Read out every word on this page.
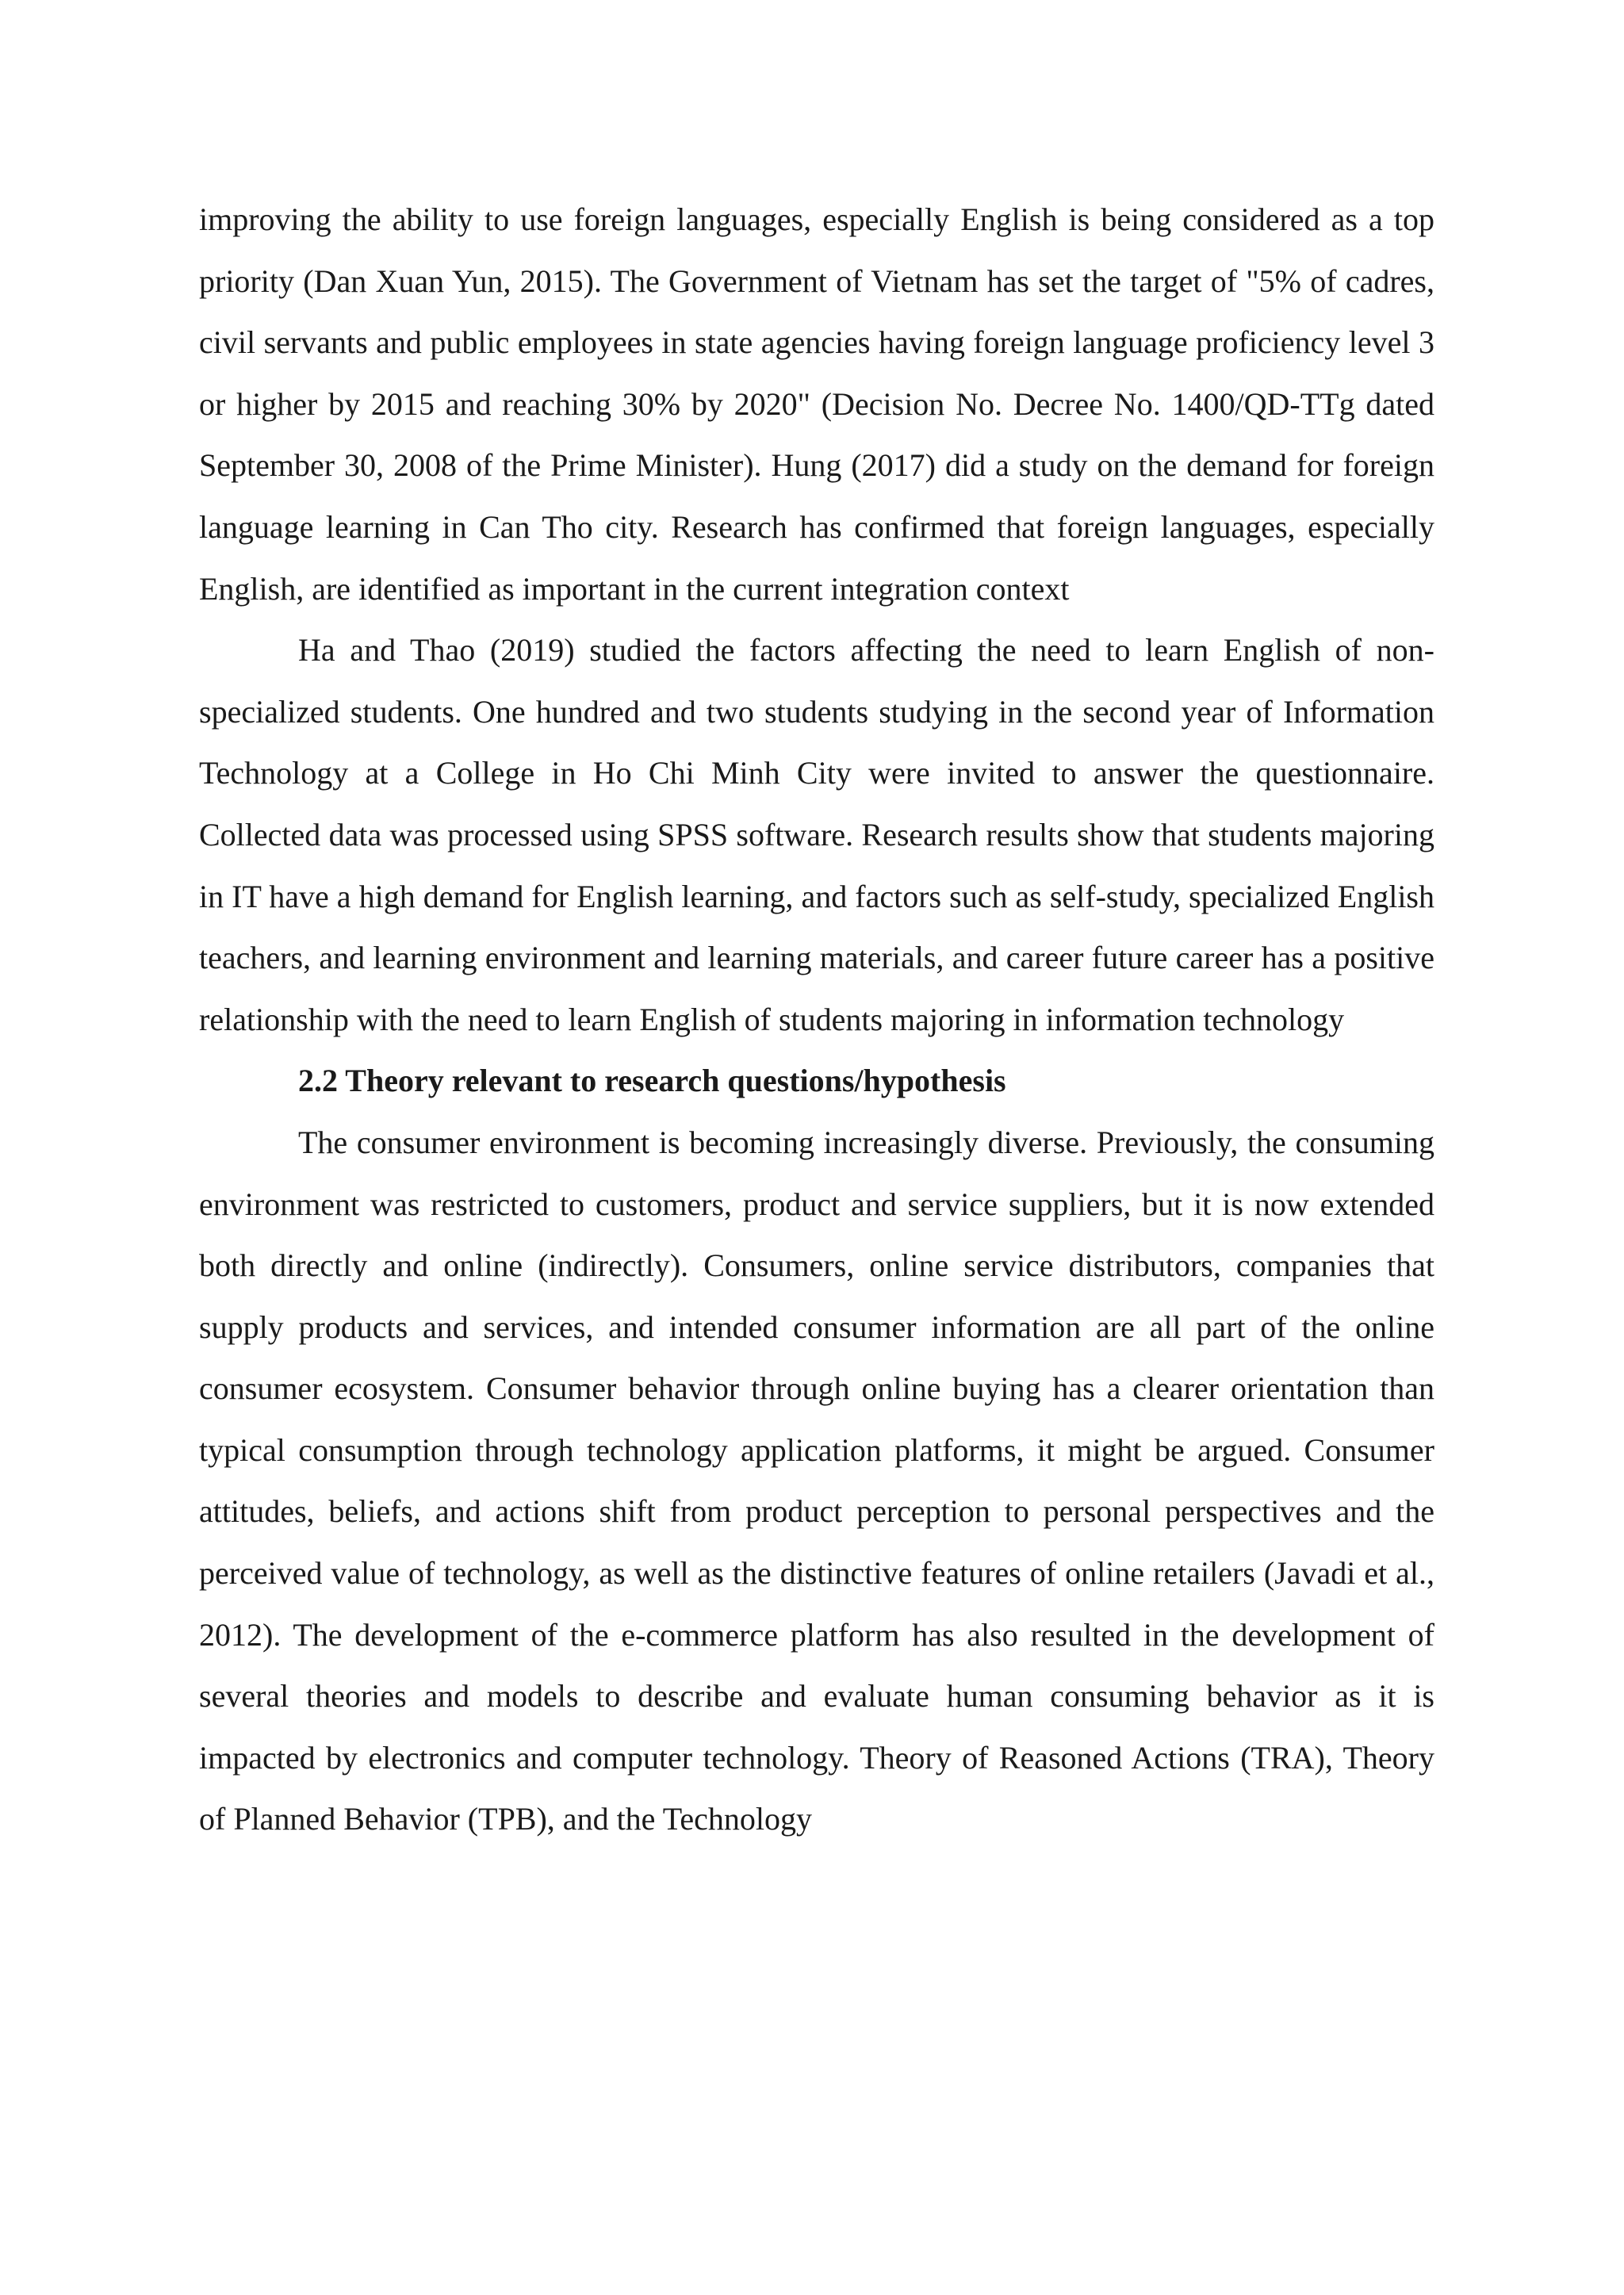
improving the ability to use foreign languages, especially English is being considered as a top priority (Dan Xuan Yun, 2015). The Government of Vietnam has set the target of "5% of cadres, civil servants and public employees in state agencies having foreign language proficiency level 3 or higher by 2015 and reaching 30% by 2020" (Decision No. Decree No. 1400/QD-TTg dated September 30, 2008 of the Prime Minister). Hung (2017) did a study on the demand for foreign language learning in Can Tho city. Research has confirmed that foreign languages, especially English, are identified as important in the current integration context

Ha and Thao (2019) studied the factors affecting the need to learn English of non-specialized students. One hundred and two students studying in the second year of Information Technology at a College in Ho Chi Minh City were invited to answer the questionnaire. Collected data was processed using SPSS software. Research results show that students majoring in IT have a high demand for English learning, and factors such as self-study, specialized English teachers, and learning environment and learning materials, and career future career has a positive relationship with the need to learn English of students majoring in information technology

2.2 Theory relevant to research questions/hypothesis

The consumer environment is becoming increasingly diverse. Previously, the consuming environment was restricted to customers, product and service suppliers, but it is now extended both directly and online (indirectly). Consumers, online service distributors, companies that supply products and services, and intended consumer information are all part of the online consumer ecosystem. Consumer behavior through online buying has a clearer orientation than typical consumption through technology application platforms, it might be argued. Consumer attitudes, beliefs, and actions shift from product perception to personal perspectives and the perceived value of technology, as well as the distinctive features of online retailers (Javadi et al., 2012). The development of the e-commerce platform has also resulted in the development of several theories and models to describe and evaluate human consuming behavior as it is impacted by electronics and computer technology. Theory of Reasoned Actions (TRA), Theory of Planned Behavior (TPB), and the Technology
